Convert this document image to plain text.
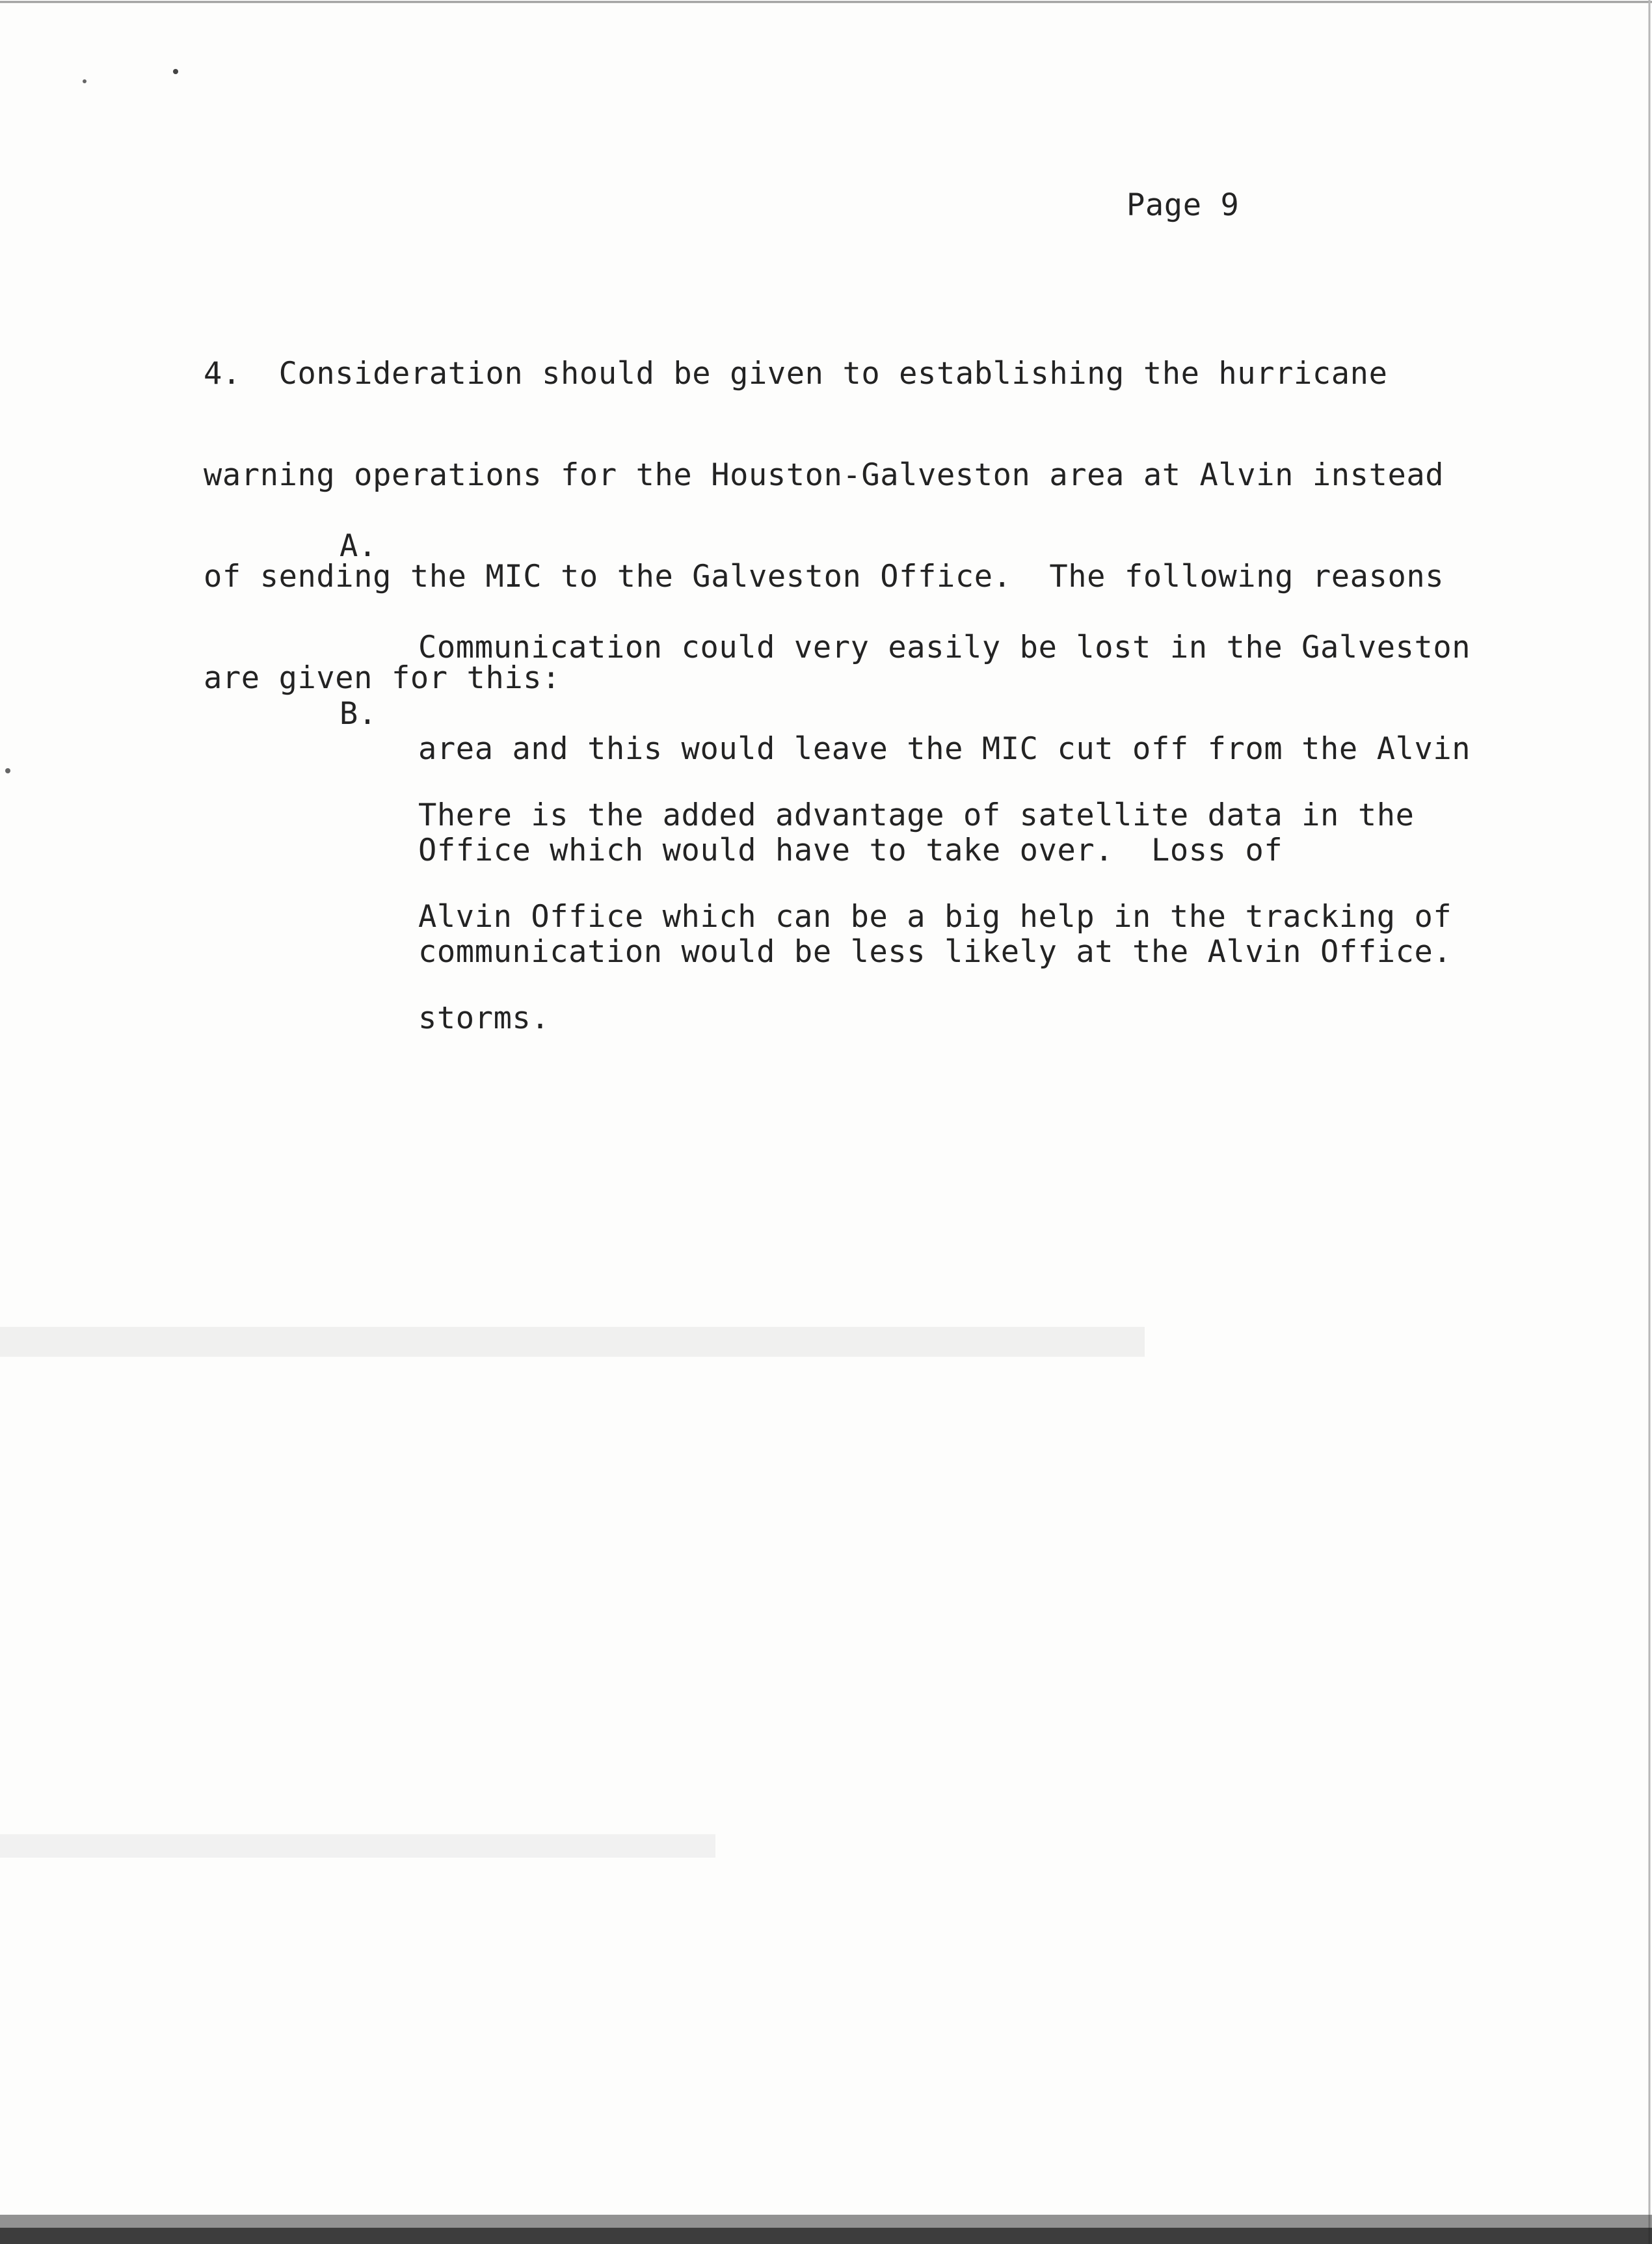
Page 9

4.  Consideration should be given to establishing the hurricane

warning operations for the Houston-Galveston area at Alvin instead

of sending the MIC to the Galveston Office.  The following reasons

are given for this:

A.

Communication could very easily be lost in the Galveston

area and this would leave the MIC cut off from the Alvin

Office which would have to take over.  Loss of

communication would be less likely at the Alvin Office.

B.

There is the added advantage of satellite data in the

Alvin Office which can be a big help in the tracking of

storms.
